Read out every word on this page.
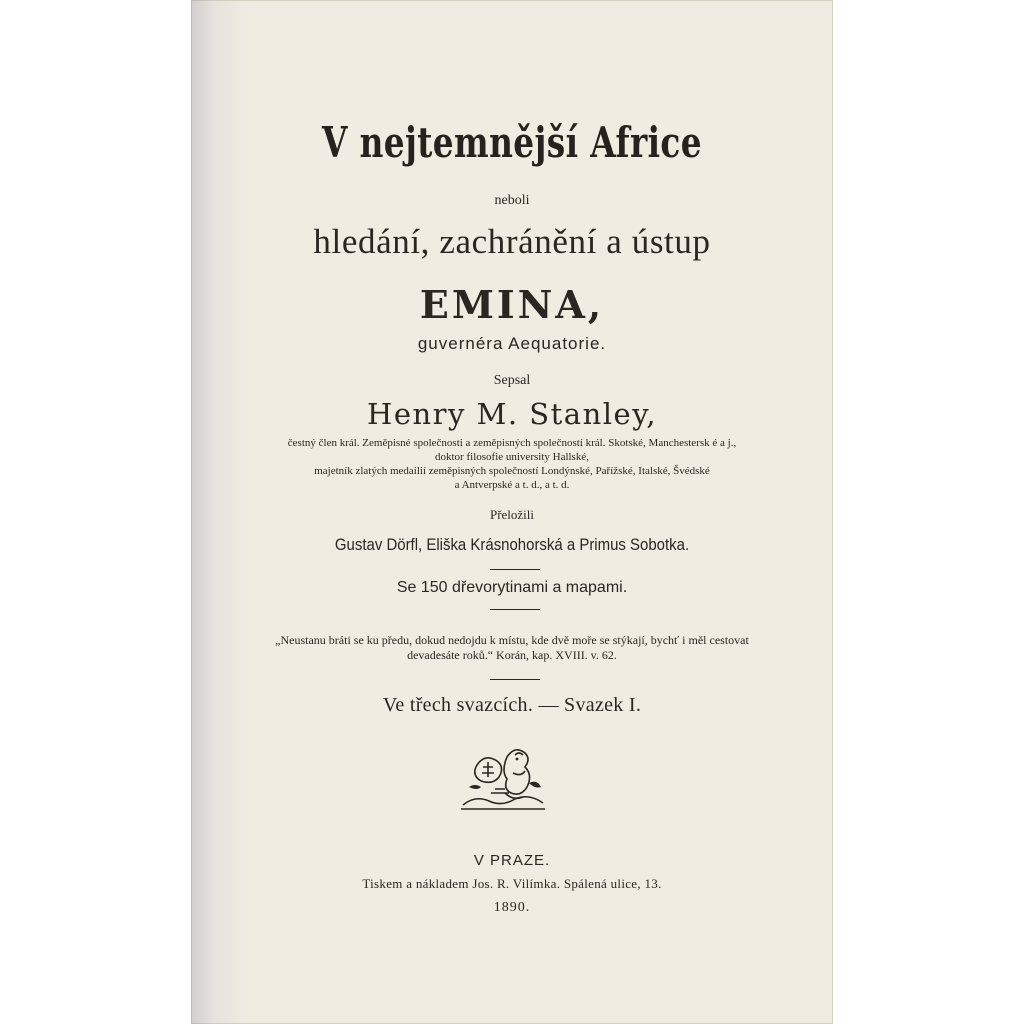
V nejtemnější Africe

neboli

hledání, zachránění a ústup

EMINA,

guvernéra Aequatorie.

Sepsal

Henry M. Stanley,

čestný člen král. Zeměpisné společnosti a zeměpisných společností král. Skotské, Manchestersk é a j.,

doktor filosofie university Hallské,

majetník zlatých medailií zeměpisných společností Londýnské, Pařížské, Italské, Švédské

a Antverpské a t. d., a t. d.

Přeložili

Gustav Dörfl, Eliška Krásnohorská a Primus Sobotka.

Se 150 dřevorytinami a mapami.

„Neustanu bráti se ku předu, dokud nedojdu k místu, kde dvě moře se stýkají, bychť i měl cestovat

devadesáte roků.“ Korán, kap. XVIII. v. 62.

Ve třech svazcích. — Svazek I.

V PRAZE.

Tiskem a nákladem Jos. R. Vilímka. Spálená ulice, 13.

1890.
